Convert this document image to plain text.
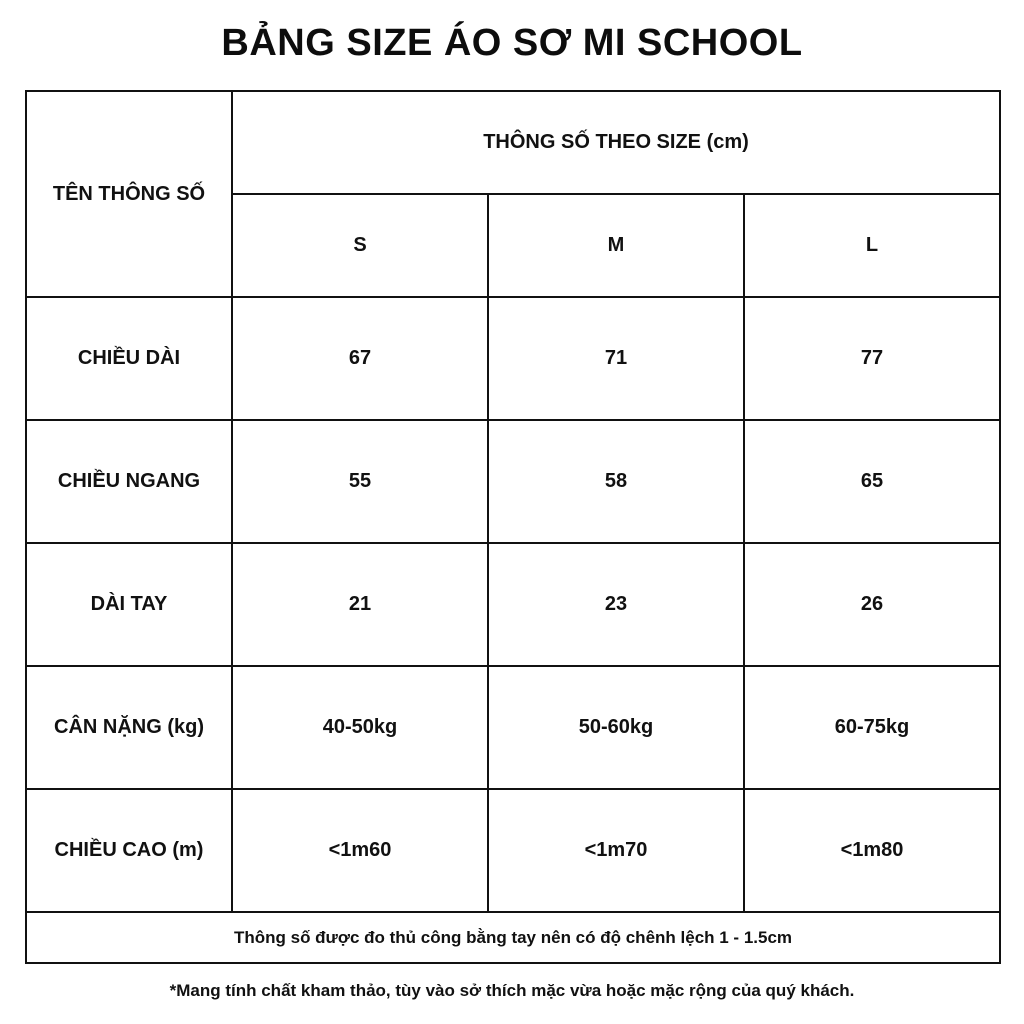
BẢNG SIZE ÁO SƠ MI SCHOOL
TÊN THÔNG SỐ	THÔNG SỐ THEO SIZE (cm)		
	S	M	L
CHIỀU DÀI	67	71	77
CHIỀU NGANG	55	58	65
DÀI TAY	21	23	26
CÂN NẶNG (kg)	40-50kg	50-60kg	60-75kg
CHIỀU CAO (m)	<1m60	<1m70	<1m80
Thông số được đo thủ công bằng tay nên có độ chênh lệch 1 - 1.5cm			
*Mang tính chất kham thảo, tùy vào sở thích mặc vừa hoặc mặc rộng của quý khách.
